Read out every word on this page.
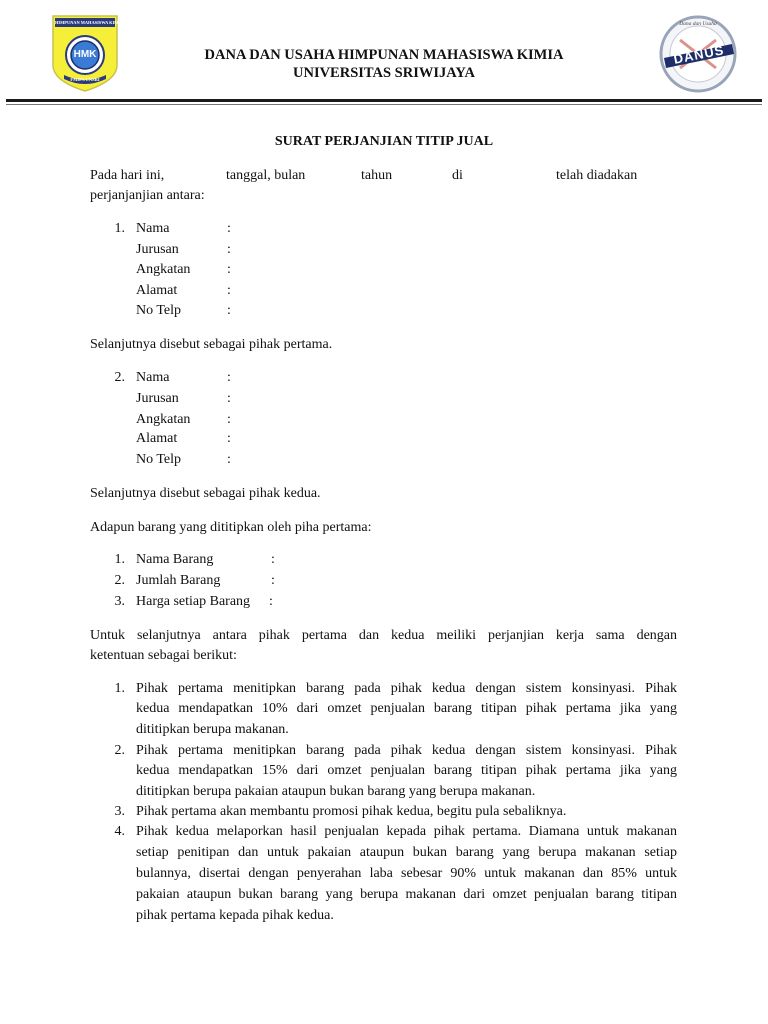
HIMPUNAN MAHASISWA KIMIA
HMK
FMIPA UNSRI
DANA DAN USAHA HIMPUNAN MAHASISWA KIMIA
UNIVERSITAS SRIWIJAYA
Dana dan Usaha
DANUS
SURAT PERJANJIAN TITIP JUAL
Pada hari ini,	tanggal, bulan	tahun	di	telah diadakan
perjanjanjian antara:
1. Nama	:
Jurusan	:
Angkatan	:
Alamat	:
No Telp	:
Selanjutnya disebut sebagai pihak pertama.
2. Nama	:
Jurusan	:
Angkatan	:
Alamat	:
No Telp	:
Selanjutnya disebut sebagai pihak kedua.
Adapun barang yang dititipkan oleh piha pertama:
1. Nama Barang	:
2. Jumlah Barang	:
3. Harga setiap Barang :
Untuk selanjutnya antara pihak pertama dan kedua meiliki perjanjian kerja sama dengan
ketentuan sebagai berikut:
1. Pihak pertama menitipkan barang pada pihak kedua dengan sistem konsinyasi. Pihak
kedua mendapatkan 10% dari omzet penjualan barang titipan pihak pertama jika yang
dititipkan berupa makanan.
2. Pihak pertama menitipkan barang pada pihak kedua dengan sistem konsinyasi. Pihak
kedua mendapatkan 15% dari omzet penjualan barang titipan pihak pertama jika yang
dititipkan berupa pakaian ataupun bukan barang yang berupa makanan.
3. Pihak pertama akan membantu promosi pihak kedua, begitu pula sebaliknya.
4. Pihak kedua melaporkan hasil penjualan kepada pihak pertama. Diamana untuk makanan
setiap penitipan dan untuk pakaian ataupun bukan barang yang berupa makanan setiap
bulannya, disertai dengan penyerahan laba sebesar 90% untuk makanan dan 85% untuk
pakaian ataupun bukan barang yang berupa makanan dari omzet penjualan barang titipan
pihak pertama kepada pihak kedua.
